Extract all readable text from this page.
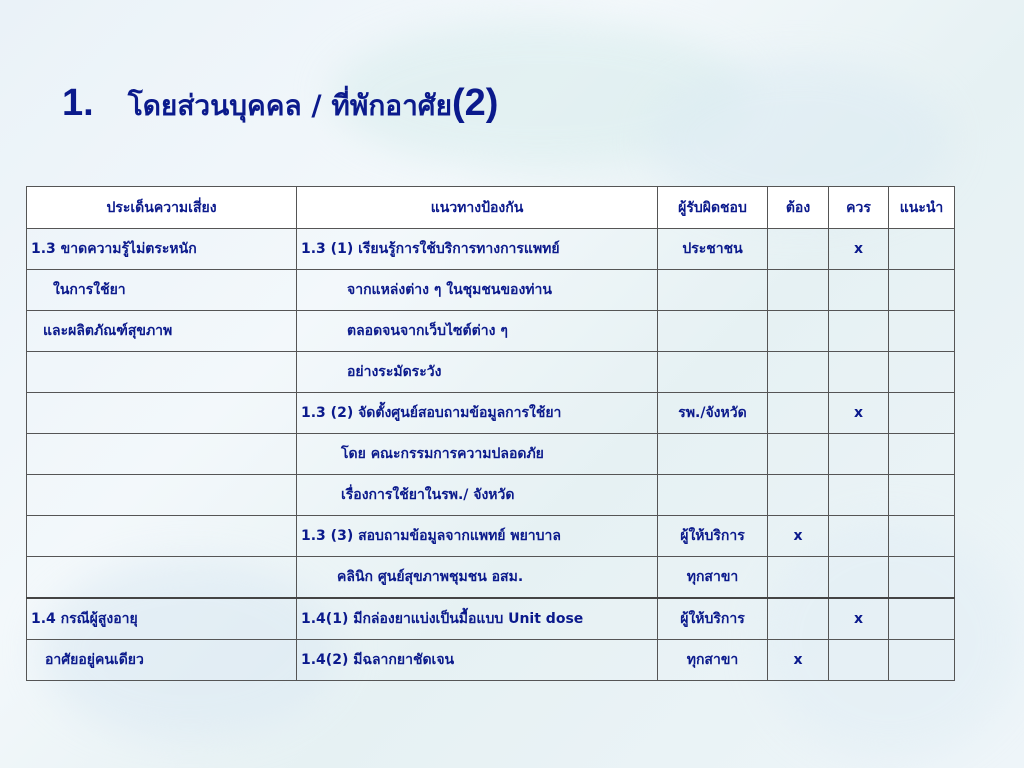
1. โดยส่วนบุคคล / ที่พักอาศัย(2)
ประเด็นความเสี่ยง	แนวทางป้องกัน	ผู้รับผิดชอบ	ต้อง	ควร	แนะนำ
1.3 ขาดความรู้ไม่ตระหนัก	1.3 (1) เรียนรู้การใช้บริการทางการแพทย์	ประชาชน		x	
ในการใช้ยา	จากแหล่งต่าง ๆ ในชุมชนของท่าน				
และผลิตภัณฑ์สุขภาพ	ตลอดจนจากเว็บไซต์ต่าง ๆ				
	อย่างระมัดระวัง				
	1.3 (2) จัดตั้งศูนย์สอบถามข้อมูลการใช้ยา	รพ./จังหวัด		x	
	โดย คณะกรรมการความปลอดภัย				
	เรื่องการใช้ยาในรพ./ จังหวัด				
	1.3 (3) สอบถามข้อมูลจากแพทย์ พยาบาล	ผู้ให้บริการ	x		
	คลินิก ศูนย์สุขภาพชุมชน อสม.	ทุกสาขา			
1.4 กรณีผู้สูงอายุ	1.4(1) มีกล่องยาแบ่งเป็นมื้อแบบ Unit dose	ผู้ให้บริการ		x	
อาศัยอยู่คนเดียว	1.4(2) มีฉลากยาชัดเจน	ทุกสาขา	x		
